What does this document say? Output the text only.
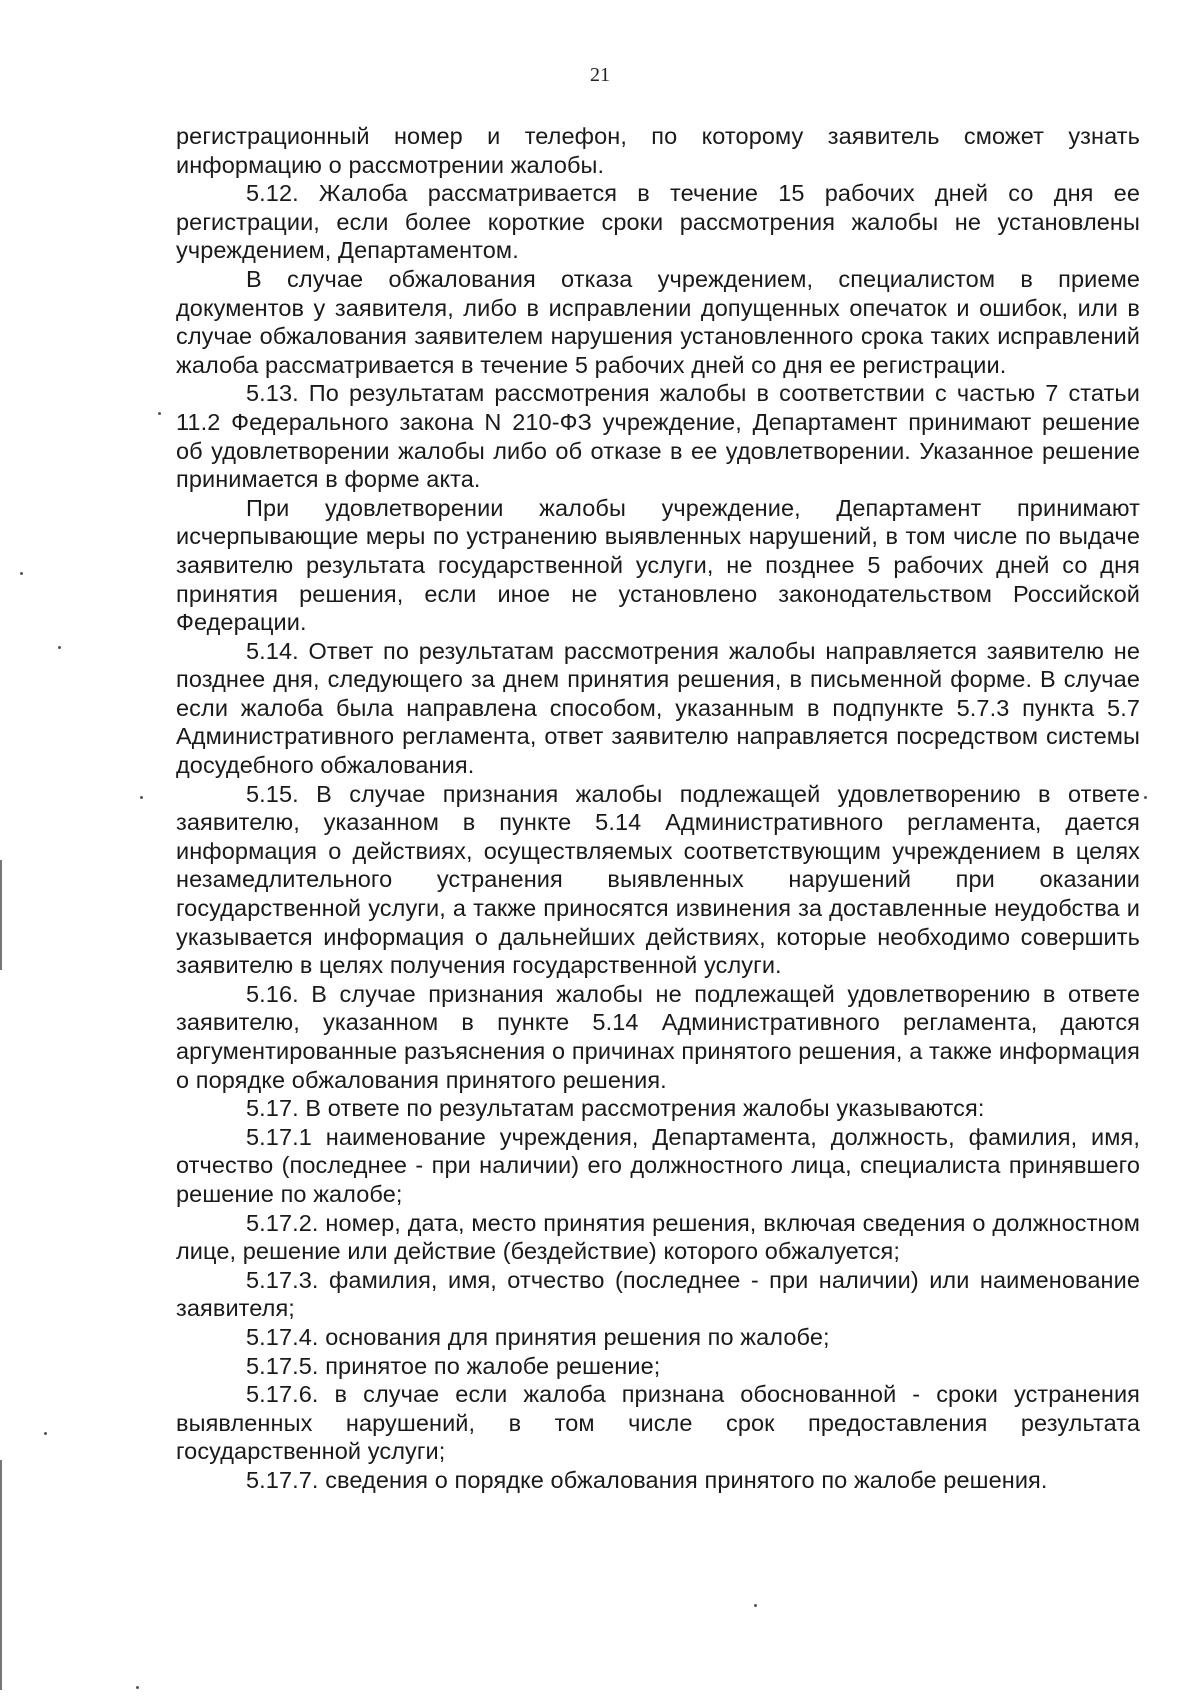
21

регистрационный номер и телефон, по которому заявитель сможет узнать информацию о рассмотрении жалобы.

5.12. Жалоба рассматривается в течение 15 рабочих дней со дня ее регистрации, если более короткие сроки рассмотрения жалобы не установлены учреждением, Департаментом.

В случае обжалования отказа учреждением, специалистом в приеме документов у заявителя, либо в исправлении допущенных опечаток и ошибок, или в случае обжалования заявителем нарушения установленного срока таких исправлений жалоба рассматривается в течение 5 рабочих дней со дня ее регистрации.

5.13. По результатам рассмотрения жалобы в соответствии с частью 7 статьи 11.2 Федерального закона N 210-ФЗ учреждение, Департамент принимают решение об удовлетворении жалобы либо об отказе в ее удовлетворении. Указанное решение принимается в форме акта.

При удовлетворении жалобы учреждение, Департамент принимают исчерпывающие меры по устранению выявленных нарушений, в том числе по выдаче заявителю результата государственной услуги, не позднее 5 рабочих дней со дня принятия решения, если иное не установлено законодательством Российской Федерации.

5.14. Ответ по результатам рассмотрения жалобы направляется заявителю не позднее дня, следующего за днем принятия решения, в письменной форме. В случае если жалоба была направлена способом, указанным в подпункте 5.7.3 пункта 5.7 Административного регламента, ответ заявителю направляется посредством системы досудебного обжалования.

5.15. В случае признания жалобы подлежащей удовлетворению в ответе заявителю, указанном в пункте 5.14 Административного регламента, дается информация о действиях, осуществляемых соответствующим учреждением в целях незамедлительного устранения выявленных нарушений при оказании государственной услуги, а также приносятся извинения за доставленные неудобства и указывается информация о дальнейших действиях, которые необходимо совершить заявителю в целях получения государственной услуги.

5.16. В случае признания жалобы не подлежащей удовлетворению в ответе заявителю, указанном в пункте 5.14 Административного регламента, даются аргументированные разъяснения о причинах принятого решения, а также информация о порядке обжалования принятого решения.

5.17. В ответе по результатам рассмотрения жалобы указываются:

5.17.1 наименование учреждения, Департамента, должность, фамилия, имя, отчество (последнее - при наличии) его должностного лица, специалиста принявшего решение по жалобе;

5.17.2. номер, дата, место принятия решения, включая сведения о должностном лице, решение или действие (бездействие) которого обжалуется;

5.17.3. фамилия, имя, отчество (последнее - при наличии) или наименование заявителя;

5.17.4. основания для принятия решения по жалобе;

5.17.5. принятое по жалобе решение;

5.17.6. в случае если жалоба признана обоснованной - сроки устранения выявленных нарушений, в том числе срок предоставления результата государственной услуги;

5.17.7. сведения о порядке обжалования принятого по жалобе решения.
